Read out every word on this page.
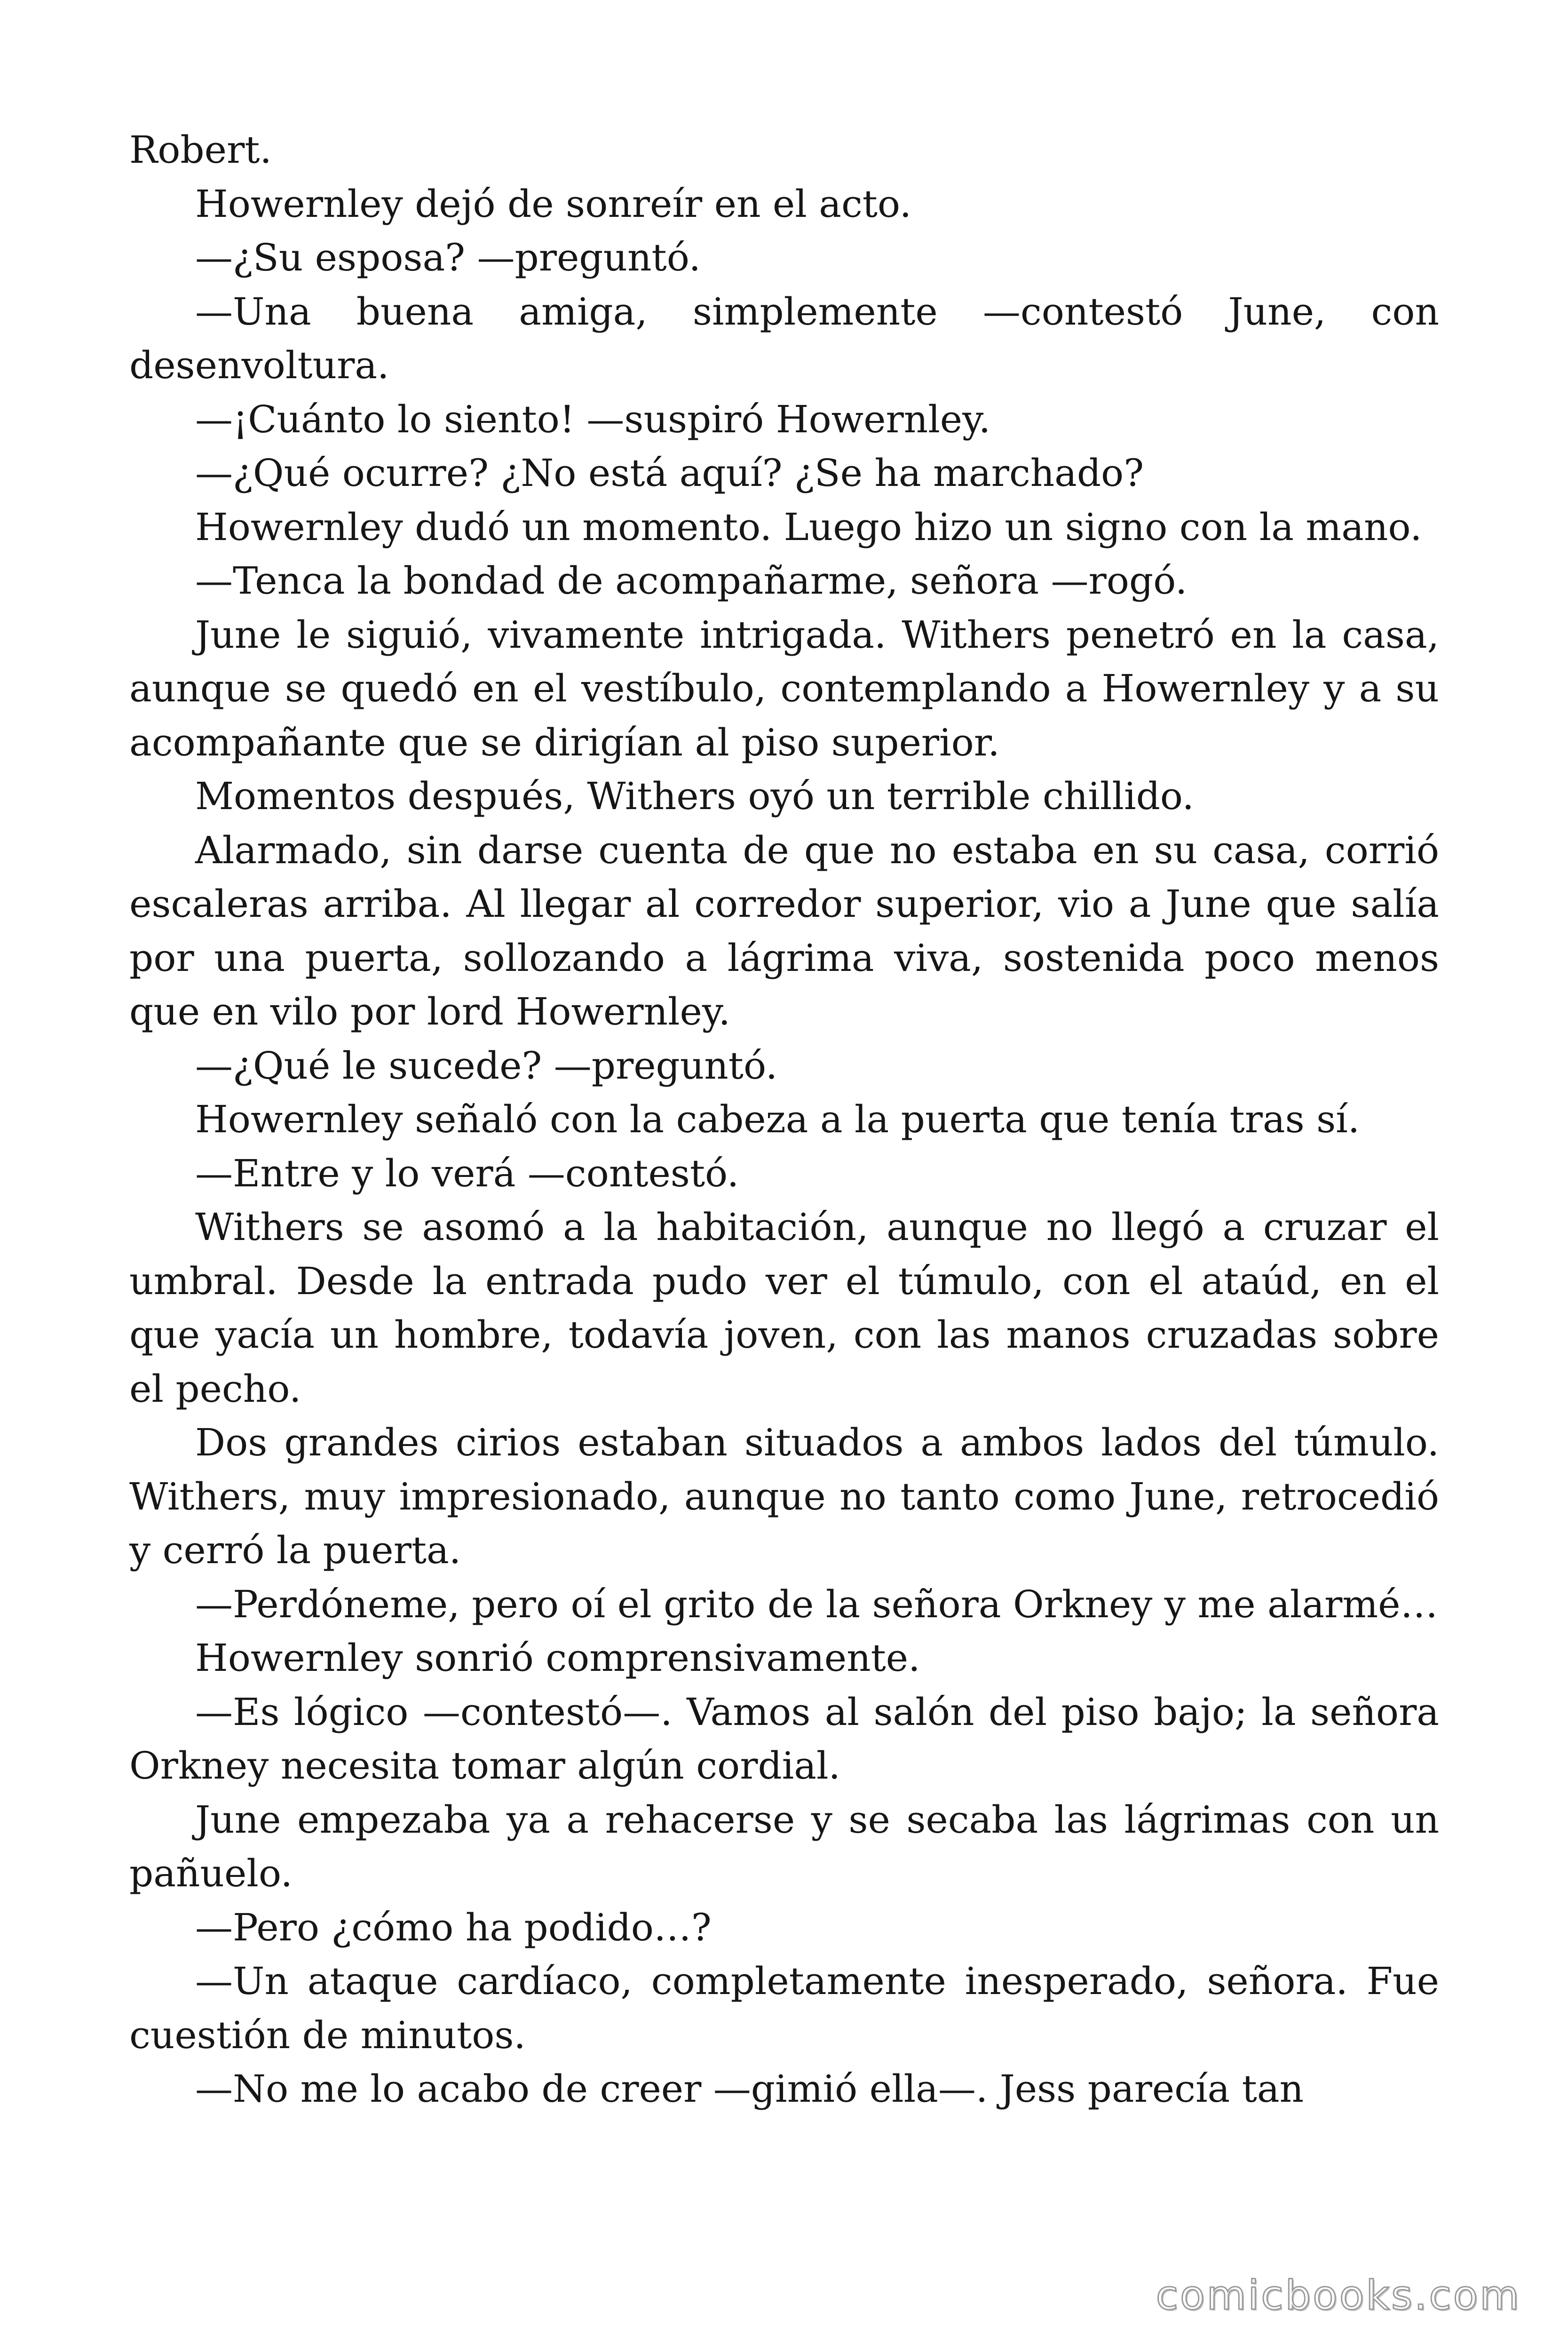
Robert.

Howernley dejó de sonreír en el acto.

—¿Su esposa? —preguntó.

—Una buena amiga, simplemente —contestó June, con desenvoltura.

—¡Cuánto lo siento! —suspiró Howernley.

—¿Qué ocurre? ¿No está aquí? ¿Se ha marchado?

Howernley dudó un momento. Luego hizo un signo con la mano.

—Tenca la bondad de acompañarme, señora —rogó.

June le siguió, vivamente intrigada. Withers penetró en la casa, aunque se quedó en el vestíbulo, contemplando a Howernley y a su acompañante que se dirigían al piso superior.

Momentos después, Withers oyó un terrible chillido.

Alarmado, sin darse cuenta de que no estaba en su casa, corrió escaleras arriba. Al llegar al corredor superior, vio a June que salía por una puerta, sollozando a lágrima viva, sostenida poco menos que en vilo por lord Howernley.

—¿Qué le sucede? —preguntó.

Howernley señaló con la cabeza a la puerta que tenía tras sí.

—Entre y lo verá —contestó.

Withers se asomó a la habitación, aunque no llegó a cruzar el umbral. Desde la entrada pudo ver el túmulo, con el ataúd, en el que yacía un hombre, todavía joven, con las manos cruzadas sobre el pecho.

Dos grandes cirios estaban situados a ambos lados del túmulo. Withers, muy impresionado, aunque no tanto como June, retrocedió y cerró la puerta.

—Perdóneme, pero oí el grito de la señora Orkney y me alarmé…

Howernley sonrió comprensivamente.

—Es lógico —contestó—. Vamos al salón del piso bajo; la señora Orkney necesita tomar algún cordial.

June empezaba ya a rehacerse y se secaba las lágrimas con un pañuelo.

—Pero ¿cómo ha podido…?

—Un ataque cardíaco, completamente inesperado, señora. Fue cuestión de minutos.

—No me lo acabo de creer —gimió ella—. Jess parecía tan

comicbooks.com
